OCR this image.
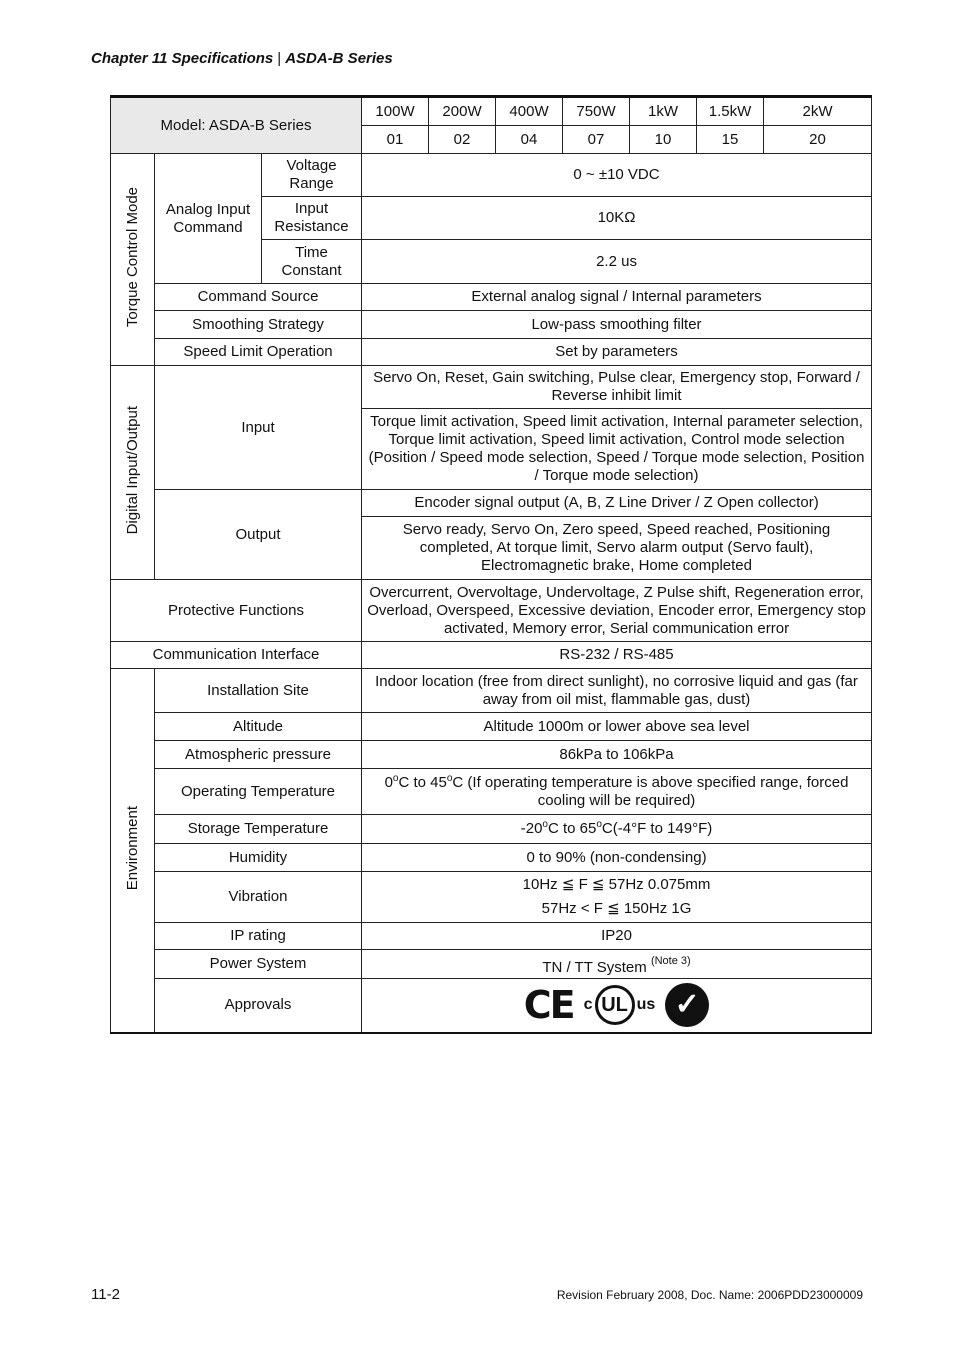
Chapter 11 Specifications | ASDA-B Series
Model: ASDA-B Series			100W	200W	400W	750W	1kW	1.5kW	2kW
			01	02	04	07	10	15	20
Torque Control Mode	Analog Input Command	Voltage Range	0 ~ ±10 VDC						
		Input Resistance	10KΩ						
		Time Constant	2.2 us						
	Command Source		External analog signal / Internal parameters						
	Smoothing Strategy		Low-pass smoothing filter						
	Speed Limit Operation		Set by parameters						
Digital Input/Output	Input		Servo On, Reset, Gain switching, Pulse clear, Emergency stop, Forward / Reverse inhibit limit						
			Torque limit activation, Speed limit activation, Internal parameter selection, Torque limit activation, Speed limit activation, Control mode selection (Position / Speed mode selection, Speed / Torque mode selection, Position / Torque mode selection)						
	Output		Encoder signal output (A, B, Z Line Driver / Z Open collector)						
			Servo ready, Servo On, Zero speed, Speed reached, Positioning completed, At torque limit, Servo alarm output (Servo fault), Electromagnetic brake, Home completed						
Protective Functions			Overcurrent, Overvoltage, Undervoltage, Z Pulse shift, Regeneration error, Overload, Overspeed, Excessive deviation, Encoder error, Emergency stop activated, Memory error, Serial communication error						
Communication Interface			RS-232 / RS-485						
Environment	Installation Site		Indoor location (free from direct sunlight), no corrosive liquid and gas (far away from oil mist, flammable gas, dust)						
	Altitude		Altitude 1000m or lower above sea level						
	Atmospheric pressure		86kPa to 106kPa						
	Operating Temperature		0$^o$C to 45$^o$C (If operating temperature is above specified range, forced cooling will be required)						
	Storage Temperature		-20$^o$C to 65$^o$C(-4°F to 149°F)						
	Humidity		0 to 90% (non-condensing)						
	Vibration		10Hz ≦ F ≦ 57Hz 0.075mm
57Hz < F ≦ 150Hz 1G						

	IP rating		IP20						
	Power System		TN / TT System $^{(Note 3)}$
	Approvals		CE c UL us ✓						
11-2	Revision February 2008, Doc. Name: 2006PDD23000009
